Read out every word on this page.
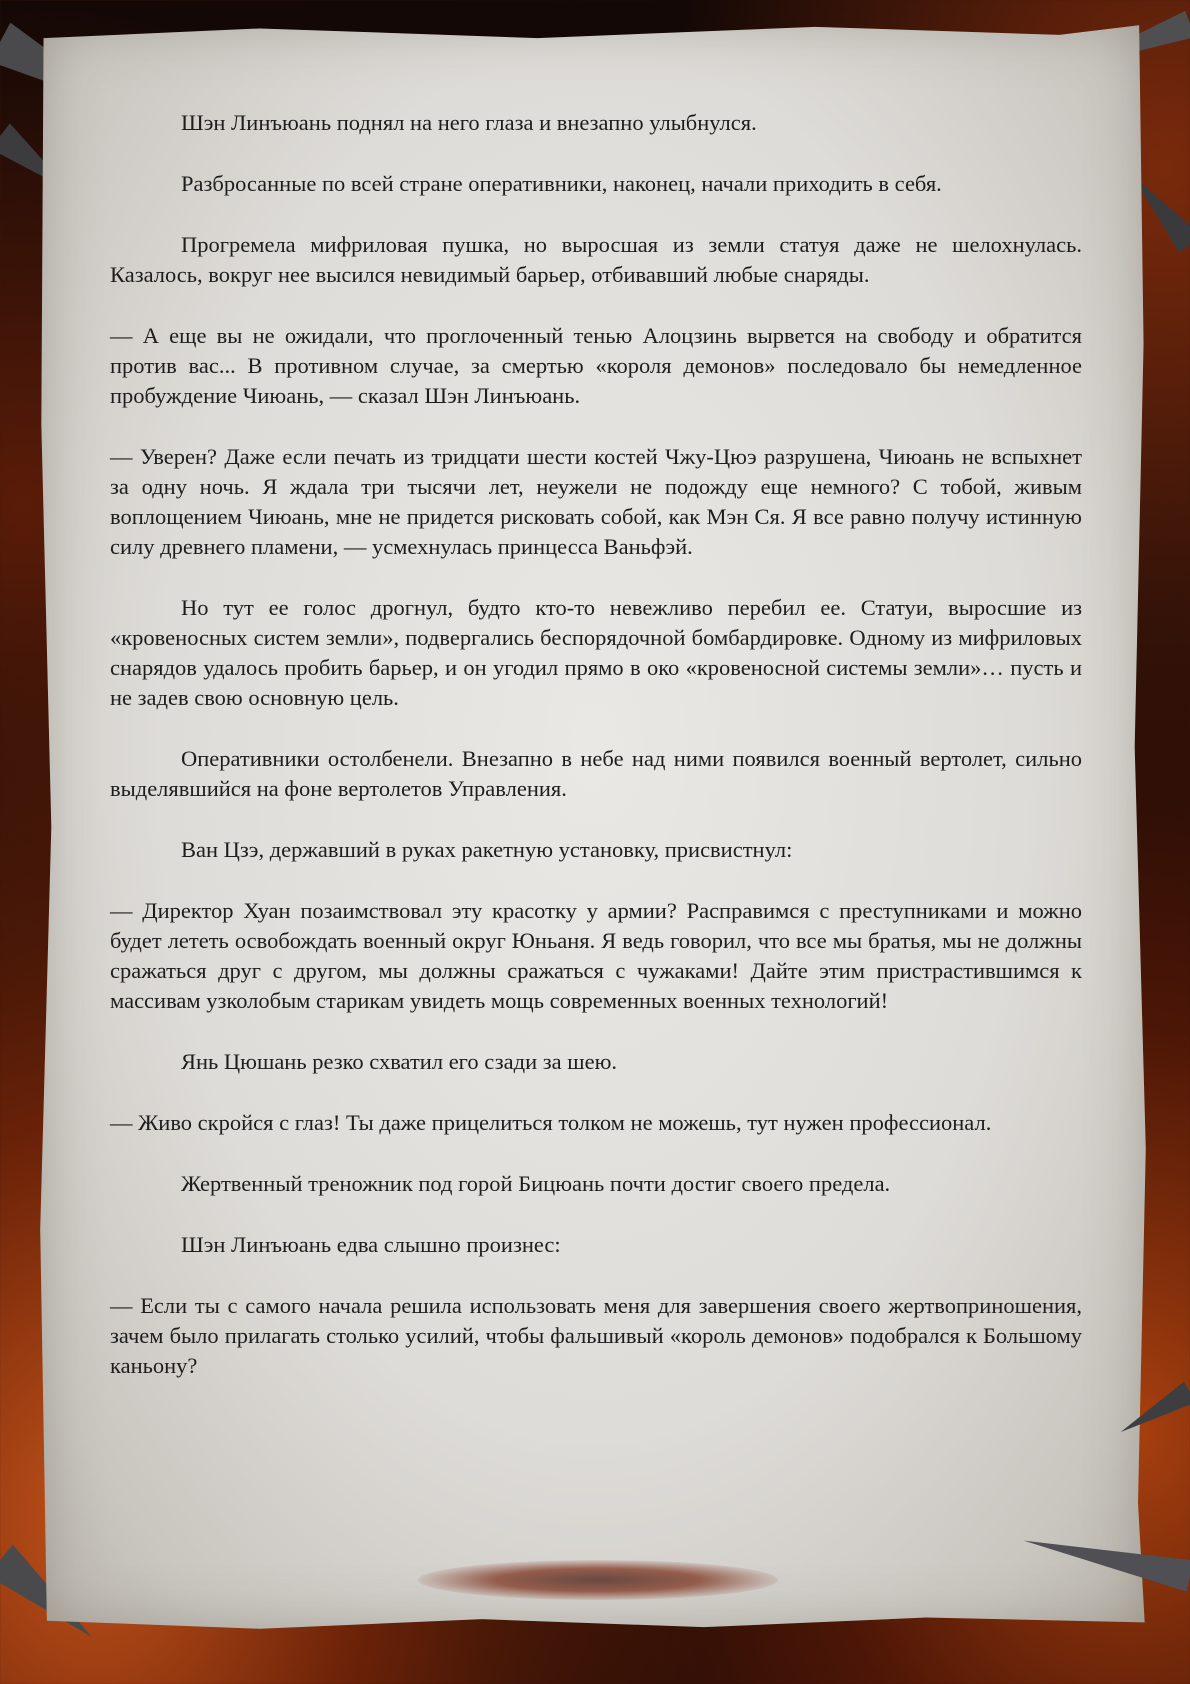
Шэн Линъюань поднял на него глаза и внезапно улыбнулся.

Разбросанные по всей стране оперативники, наконец, начали приходить в себя.

Прогремела мифриловая пушка, но выросшая из земли статуя даже не шелохнулась. Казалось, вокруг нее высился невидимый барьер, отбивавший любые снаряды.

— А еще вы не ожидали, что проглоченный тенью Алоцзинь вырвется на свободу и обратится против вас... В противном случае, за смертью «короля демонов» последовало бы немедленное пробуждение Чиюань, — сказал Шэн Линъюань.

— Уверен? Даже если печать из тридцати шести костей Чжу-Цюэ разрушена, Чиюань не вспыхнет за одну ночь. Я ждала три тысячи лет, неужели не подожду еще немного? С тобой, живым воплощением Чиюань, мне не придется рисковать собой, как Мэн Ся. Я все равно получу истинную силу древнего пламени, — усмехнулась принцесса Ваньфэй.

Но тут ее голос дрогнул, будто кто-то невежливо перебил ее. Статуи, выросшие из «кровеносных систем земли», подвергались беспорядочной бомбардировке. Одному из мифриловых снарядов удалось пробить барьер, и он угодил прямо в око «кровеносной системы земли»… пусть и не задев свою основную цель.

Оперативники остолбенели. Внезапно в небе над ними появился военный вертолет, сильно выделявшийся на фоне вертолетов Управления.

Ван Цзэ, державший в руках ракетную установку, присвистнул:

— Директор Хуан позаимствовал эту красотку у армии? Расправимся с преступниками и можно будет лететь освобождать военный округ Юньаня. Я ведь говорил, что все мы братья, мы не должны сражаться друг с другом, мы должны сражаться с чужаками! Дайте этим пристрастившимся к массивам узколобым старикам увидеть мощь современных военных технологий!

Янь Цюшань резко схватил его сзади за шею.

— Живо скройся с глаз! Ты даже прицелиться толком не можешь, тут нужен профессионал.

Жертвенный треножник под горой Бицюань почти достиг своего предела.

Шэн Линъюань едва слышно произнес:

— Если ты с самого начала решила использовать меня для завершения своего жертвоприношения, зачем было прилагать столько усилий, чтобы фальшивый «король демонов» подобрался к Большому каньону?
